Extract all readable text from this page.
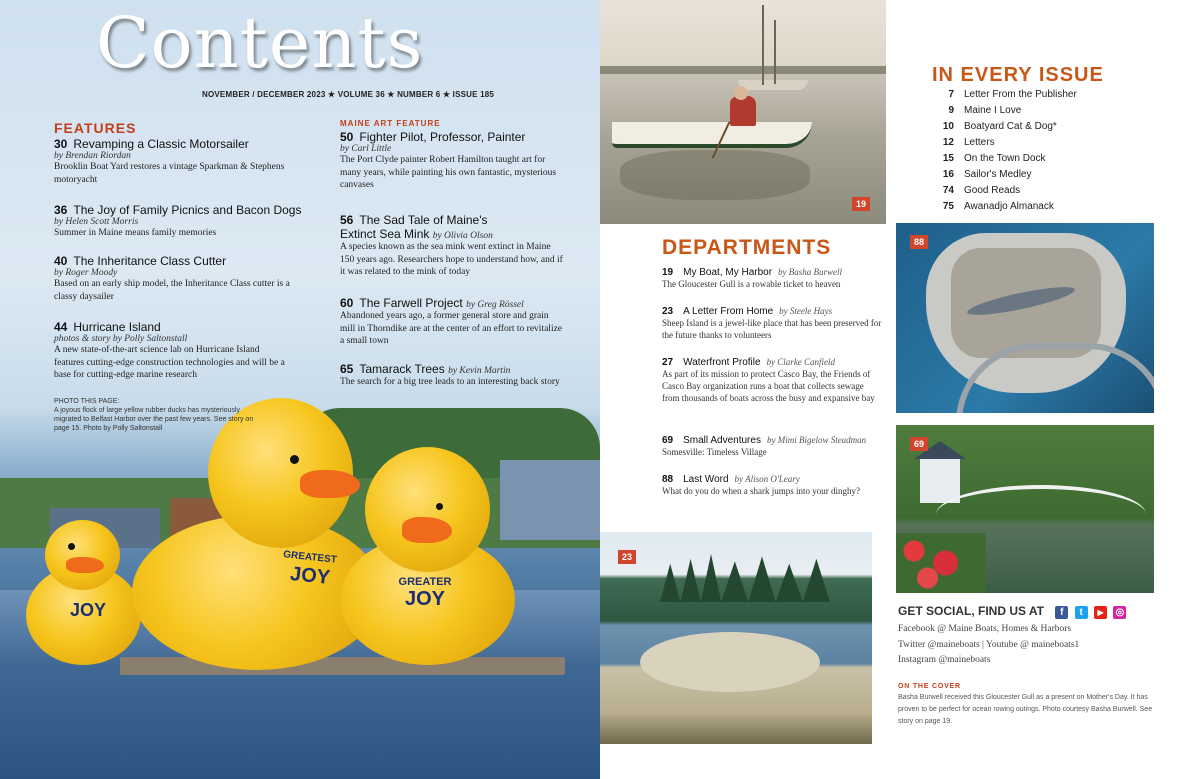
JOY
GREATEST
JOY	GREATER
JOY
Contents
NOVEMBER / DECEMBER 2023 ★ VOLUME 36 ★ NUMBER 6 ★ ISSUE 185
FEATURES
30 Revamping a Classic Motorsailer
by Brendan Riordan
Brooklin Boat Yard restores a vintage Sparkman & Stephens motoryacht
36 The Joy of Family Picnics and Bacon Dogs
by Helen Scott Morris
Summer in Maine means family memories
40 The Inheritance Class Cutter
by Roger Moody
Based on an early ship model, the Inheritance Class cutter is a classy daysailer
44 Hurricane Island
photos & story by Polly Saltonstall
A new state-of-the-art science lab on Hurricane Island features cutting-edge construction technologies and will be a base for cutting-edge marine research
PHOTO THIS PAGE:
A joyous flock of large yellow rubber ducks has mysteriously migrated to Belfast Harbor over the past few years. See story on page 15. Photo by Polly Saltonstall
MAINE ART FEATURE
50 Fighter Pilot, Professor, Painter
by Carl Little
The Port Clyde painter Robert Hamilton taught art for many years, while painting his own fantastic, mysterious canvases
56 The Sad Tale of Maine's
Extinct Sea Mink by Olivia Olson
A species known as the sea mink went extinct in Maine 150 years ago. Researchers hope to understand how, and if it was related to the mink of today
60 The Farwell Project by Greg Rössel
Abandoned years ago, a former general store and grain mill in Thorndike are at the center of an effort to revitalize a small town
65 Tamarack Trees by Kevin Martin
The search for a big tree leads to an interesting back story
19
IN EVERY ISSUE
7 Letter From the Publisher
9 Maine I Love
10 Boatyard Cat & Dog*
12 Letters
15 On the Town Dock
16 Sailor's Medley
74 Good Reads
75 Awanadjo Almanack
DEPARTMENTS
19 My Boat, My Harbor by Basha Burwell
The Gloucester Gull is a rowable ticket to heaven
23 A Letter From Home by Steele Hays
Sheep Island is a jewel-like place that has been preserved for the future thanks to volunteers
27 Waterfront Profile by Clarke Canfield
As part of its mission to protect Casco Bay, the Friends of Casco Bay organization runs a boat that collects sewage from thousands of boats across the busy and expansive bay
69 Small Adventures by Mimi Bigelow Steadman
Somesville: Timeless Village
88 Last Word by Alison O'Leary
What do you do when a shark jumps into your dinghy?
88
69
23
GET SOCIAL, FIND US AT f t ▶ ◎
Facebook @ Maine Boats, Homes & Harbors
Twitter @maineboats | Youtube @ maineboats1
Instagram @maineboats
ON THE COVER
Basha Burwell received this Gloucester Gull as a present on Mother's Day. It has proven to be perfect for ocean rowing outings. Photo courtesy Basha Burwell. See story on page 19.
